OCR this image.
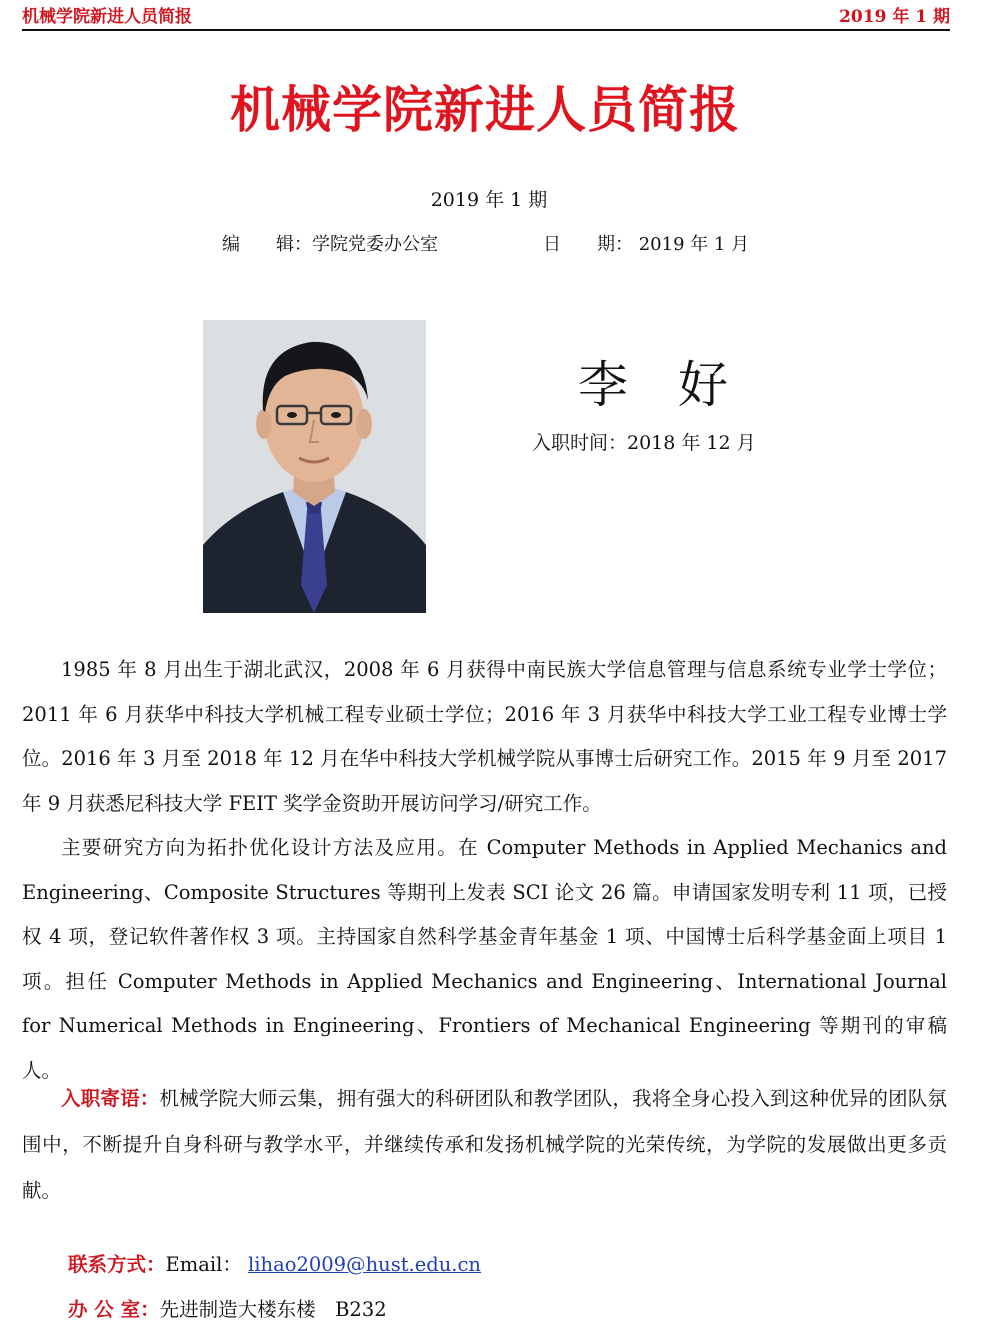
机械学院新进人员简报	2019 年 1 期
机械学院新进人员简报
2019 年 1 期
编　　辑：学院党委办公室	日　　期： 2019 年 1 月
李　好
入职时间：2018 年 12 月

1985 年 8 月出生于湖北武汉，2008 年 6 月获得中南民族大学信息管理与信息系统专业学士学位；2011 年 6 月获华中科技大学机械工程专业硕士学位；2016 年 3 月获华中科技大学工业工程专业博士学位。2016 年 3 月至 2018 年 12 月在华中科技大学机械学院从事博士后研究工作。2015 年 9 月至 2017 年 9 月获悉尼科技大学 FEIT 奖学金资助开展访问学习/研究工作。

主要研究方向为拓扑优化设计方法及应用。在 Computer Methods in Applied Mechanics and Engineering、Composite Structures 等期刊上发表 SCI 论文 26 篇。申请国家发明专利 11 项，已授权 4 项，登记软件著作权 3 项。主持国家自然科学基金青年基金 1 项、中国博士后科学基金面上项目 1 项。担任 Computer Methods in Applied Mechanics and Engineering、International Journal for Numerical Methods in Engineering、Frontiers of Mechanical Engineering 等期刊的审稿人。

入职寄语：机械学院大师云集，拥有强大的科研团队和教学团队，我将全身心投入到这种优异的团队氛围中，不断提升自身科研与教学水平，并继续传承和发扬机械学院的光荣传统，为学院的发展做出更多贡献。

联系方式：Email： lihao2009@hust.edu.cn
办 公 室：先进制造大楼东楼　B232
